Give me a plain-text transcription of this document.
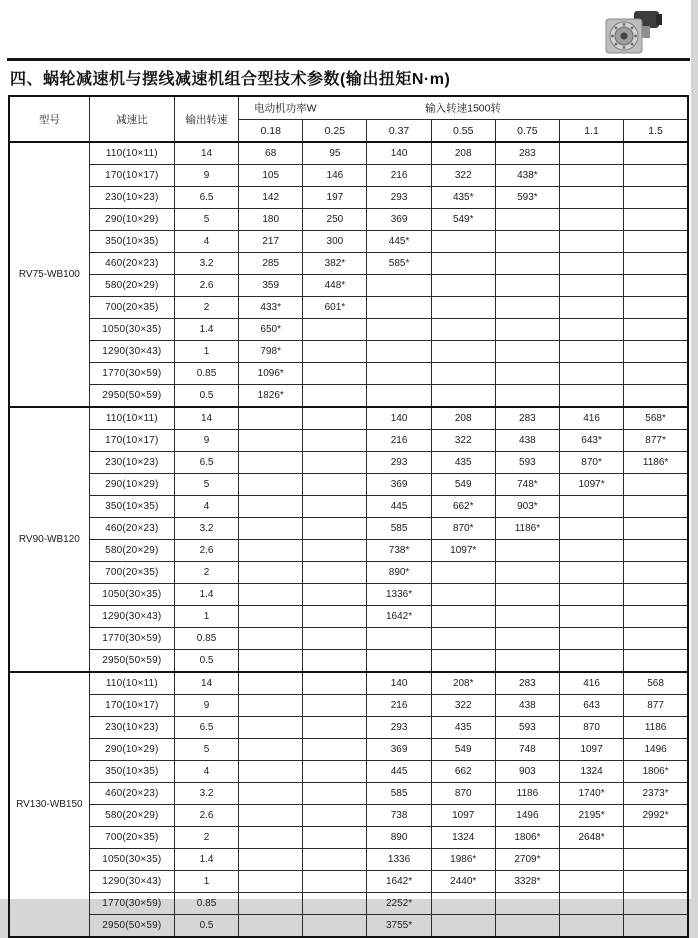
四、蜗轮减速机与摆线减速机组合型技术参数(输出扭矩N·m)
型号	减速比	输出转速	电动机功率W 输入转速1500转						

			0.18	0.25	0.37	0.55	0.75	1.1	1.5
RV75-WB100	110(10×11)	14	68	95	140	208	283		
	170(10×17)	9	105	146	216	322	438*		
	230(10×23)	6.5	142	197	293	435*	593*		
	290(10×29)	5	180	250	369	549*			
	350(10×35)	4	217	300	445*				
	460(20×23)	3.2	285	382*	585*				
	580(20×29)	2.6	359	448*					
	700(20×35)	2	433*	601*					
	1050(30×35)	1.4	650*						
	1290(30×43)	1	798*						
	1770(30×59)	0.85	1096*						
	2950(50×59)	0.5	1826*						
RV90-WB120	110(10×11)	14			140	208	283	416	568*
	170(10×17)	9			216	322	438	643*	877*
	230(10×23)	6.5			293	435	593	870*	1186*
	290(10×29)	5			369	549	748*	1097*	
	350(10×35)	4			445	662*	903*		
	460(20×23)	3.2			585	870*	1186*		
	580(20×29)	2.6			738*	1097*			
	700(20×35)	2			890*				
	1050(30×35)	1.4			1336*				
	1290(30×43)	1			1642*				
	1770(30×59)	0.85							
	2950(50×59)	0.5							
RV130-WB150	110(10×11)	14			140	208*	283	416	568
	170(10×17)	9			216	322	438	643	877
	230(10×23)	6.5			293	435	593	870	1186
	290(10×29)	5			369	549	748	1097	1496
	350(10×35)	4			445	662	903	1324	1806*
	460(20×23)	3.2			585	870	1186	1740*	2373*
	580(20×29)	2.6			738	1097	1496	2195*	2992*
	700(20×35)	2			890	1324	1806*	2648*	
	1050(30×35)	1.4			1336	1986*	2709*		
	1290(30×43)	1			1642*	2440*	3328*		
	1770(30×59)	0.85			2252*				
	2950(50×59)	0.5			3755*				
